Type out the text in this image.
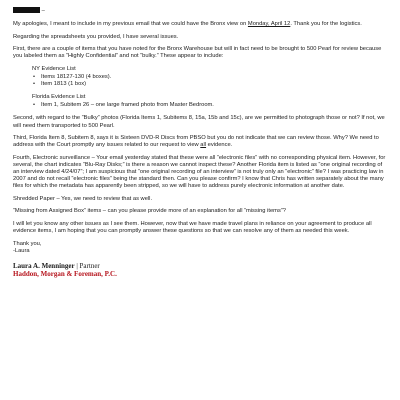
–

My apologies, I meant to include in my previous email that we could have the Bronx view on Monday, April 12. Thank you for the logistics.

Regarding the spreadsheets you provided, I have several issues.

First, there are a couple of items that you have noted for the Bronx Warehouse but will in fact need to be brought to 500 Pearl for review because you labeled them as “Highly Confidential” and not “bulky.” These appear to include:

NY Evidence List

• Items 18127-130 (4 boxes).
• Item 1813 (1 box)

Florida Evidence List

• Item 1, Subitem 26 – one large framed photo from Master Bedroom.

Second, with regard to the “Bulky” photos (Florida Items 1, Subitems 8, 15a, 15b and 15c), are we permitted to photograph those or not? If not, we will need them transported to 500 Pearl.

Third, Florida Item 8, Subitem 8, says it is Sixteen DVD-R Discs from PBSO but you do not indicate that we can review those. Why? We need to address with the Court promptly any issues related to our request to view all evidence.

Fourth, Electronic surveillance – Your email yesterday stated that these were all “electronic files” with no corresponding physical item. However, for several, the chart indicates “Blu-Ray Disks;” is there a reason we cannot inspect these? Another Florida item is listed as “one original recording of an interview dated 4/24/07”; I am suspicious that “one original recording of an interview” is not truly only an “electronic” file? I was practicing law in 2007 and do not recall “electronic files” being the standard then. Can you please confirm? I know that Chris has written separately about the many files for which the metadata has apparently been stripped, so we will have to address purely electronic information at another date.

Shredded Paper – Yes, we need to review that as well.

“Missing from Assigned Box” items – can you please provide more of an explanation for all “missing items”?

I will let you know any other issues as I see them. However, now that we have made travel plans in reliance on your agreement to produce all evidence items, I am hoping that you can promptly answer these questions so that we can resolve any of them as needed this week.

Thank you,

-Laura

Laura A. Menninger | Partner
Haddon, Morgan & Foreman, P.C.
